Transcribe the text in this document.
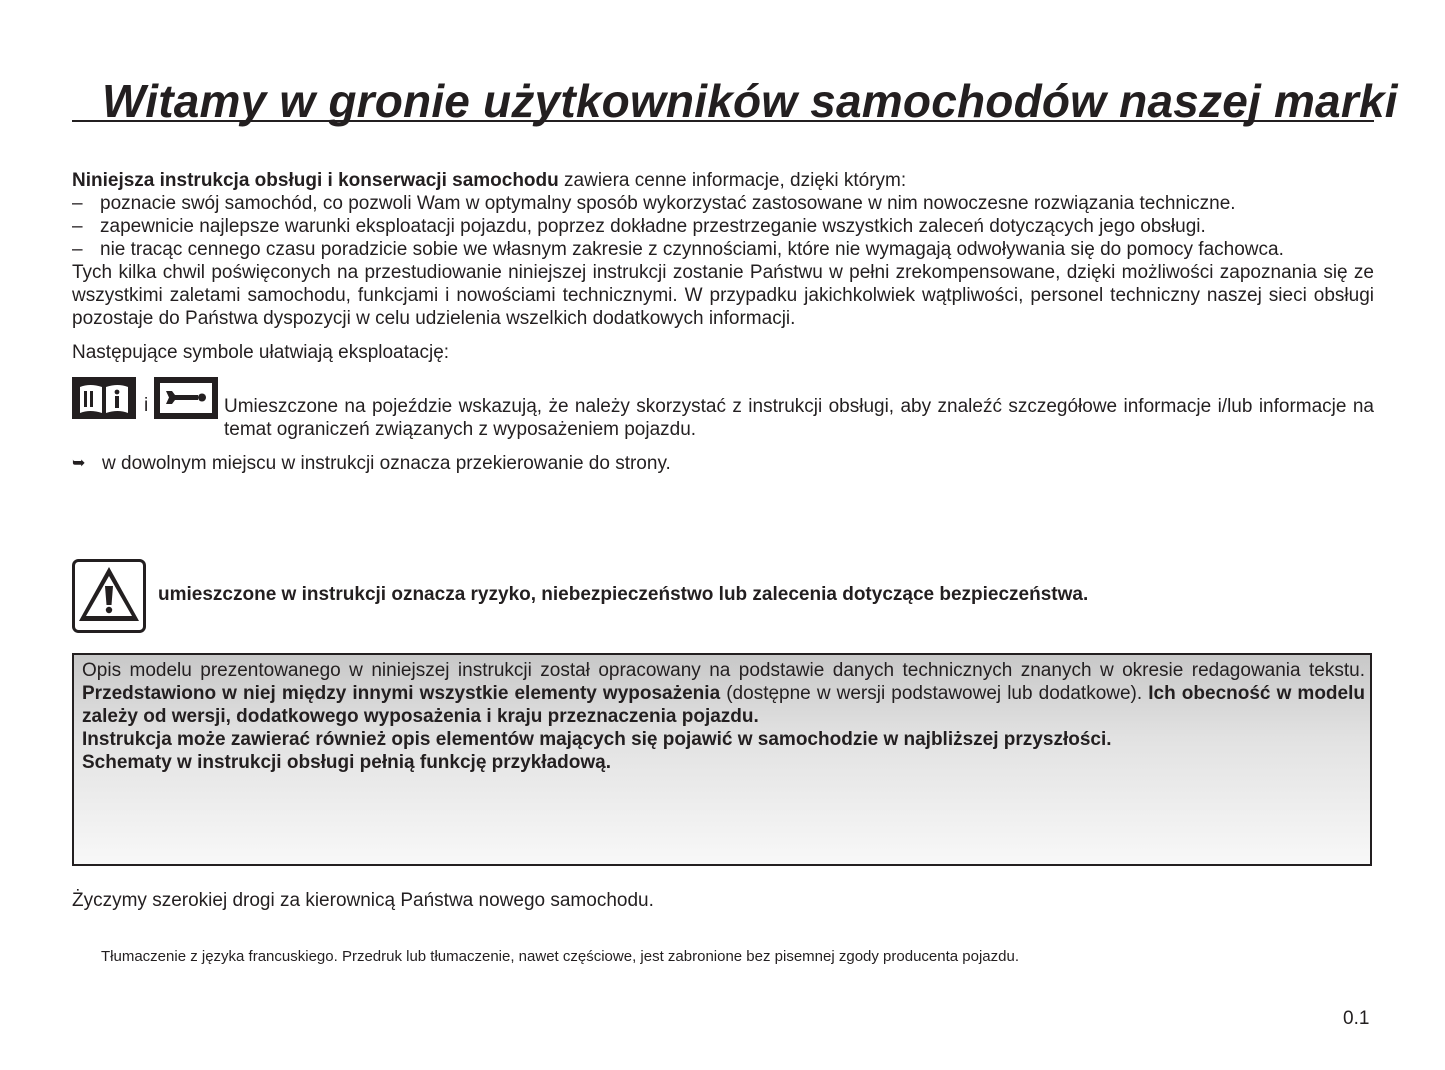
Witamy w gronie użytkowników samochodów naszej marki

Niniejsza instrukcja obsługi i konserwacji samochodu zawiera cenne informacje, dzięki którym:

– poznacie swój samochód, co pozwoli Wam w optymalny sposób wykorzystać zastosowane w nim nowoczesne rozwiązania techniczne.
– zapewnicie najlepsze warunki eksploatacji pojazdu, poprzez dokładne przestrzeganie wszystkich zaleceń dotyczących jego obsługi.
– nie tracąc cennego czasu poradzicie sobie we własnym zakresie z czynnościami, które nie wymagają odwoływania się do pomocy fachowca.

Tych kilka chwil poświęconych na przestudiowanie niniejszej instrukcji zostanie Państwu w pełni zrekompensowane, dzięki możliwości zapoznania się ze wszystkimi zaletami samochodu, funkcjami i nowościami technicznymi. W przypadku jakichkolwiek wątpliwości, personel techniczny naszej sieci obsługi pozostaje do Państwa dyspozycji w celu udzielenia wszelkich dodatkowych informacji.

Następujące symbole ułatwiają eksploatację:
i	Umieszczone na pojeździe wskazują, że należy skorzystać z instrukcji obsługi, aby znaleźć szczegółowe informacje i/lub informacje na temat ograniczeń związanych z wyposażeniem pojazdu.
➥ w dowolnym miejscu w instrukcji oznacza przekierowanie do strony.
umieszczone w instrukcji oznacza ryzyko, niebezpieczeństwo lub zalecenia dotyczące bezpieczeństwa.

Opis modelu prezentowanego w niniejszej instrukcji został opracowany na podstawie danych technicznych znanych w okresie redagowania tekstu. Przedstawiono w niej między innymi wszystkie elementy wyposażenia (dostępne w wersji podstawowej lub dodatkowe). Ich obecność w modelu zależy od wersji, dodatkowego wyposażenia i kraju przeznaczenia pojazdu.

Instrukcja może zawierać również opis elementów mających się pojawić w samochodzie w najbliższej przyszłości.

Schematy w instrukcji obsługi pełnią funkcję przykładową.

Życzymy szerokiej drogi za kierownicą Państwa nowego samochodu.
Tłumaczenie z języka francuskiego. Przedruk lub tłumaczenie, nawet częściowe, jest zabronione bez pisemnej zgody producenta pojazdu.
0.1
